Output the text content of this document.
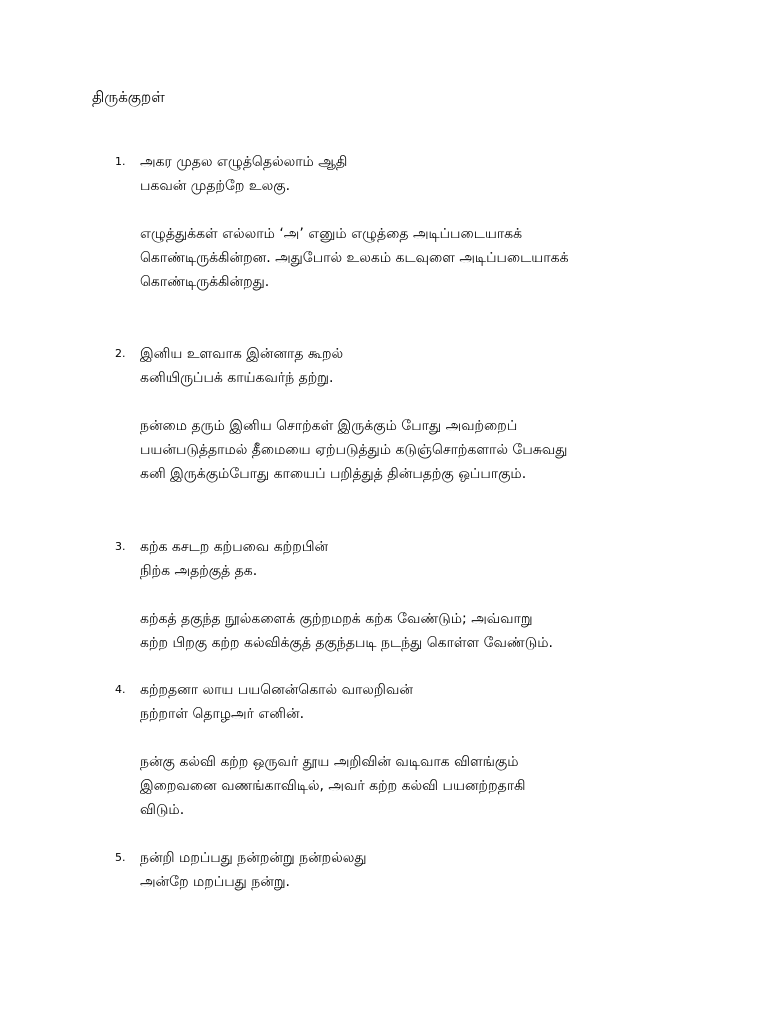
திருக்குறள்
1. அகர முதல எழுத்தெல்லாம் ஆதி
பகவன் முதற்றே உலகு.
எழுத்துக்கள் எல்லாம் ‘அ’ எனும் எழுத்தை அடிப்படையாகக்
கொண்டிருக்கின்றன. அதுபோல் உலகம் கடவுளை அடிப்படையாகக்
கொண்டிருக்கின்றது.
2. இனிய உளவாக இன்னாத கூறல்
கனியிருப்பக் காய்கவர்ந் தற்று.
நன்மை தரும் இனிய சொற்கள் இருக்கும் போது அவற்றைப்
பயன்படுத்தாமல் தீமையை ஏற்படுத்தும் கடுஞ்சொற்களால் பேசுவது
கனி இருக்கும்போது காயைப் பறித்துத் தின்பதற்கு ஒப்பாகும்.
3. கற்க கசடற கற்பவை கற்றபின்
நிற்க அதற்குத் தக.
கற்கத் தகுந்த நூல்களைக் குற்றமறக் கற்க வேண்டும்; அவ்வாறு
கற்ற பிறகு கற்ற கல்விக்குத் தகுந்தபடி நடந்து கொள்ள வேண்டும்.
4. கற்றதனா லாய பயனென்கொல் வாலறிவன்
நற்றாள் தொழஅர் எனின்.
நன்கு கல்வி கற்ற ஒருவர் தூய அறிவின் வடிவாக விளங்கும்
இறைவனை வணங்காவிடில், அவர் கற்ற கல்வி பயனற்றதாகி
விடும்.
5. நன்றி மறப்பது நன்றன்று நன்றல்லது
அன்றே மறப்பது நன்று.
